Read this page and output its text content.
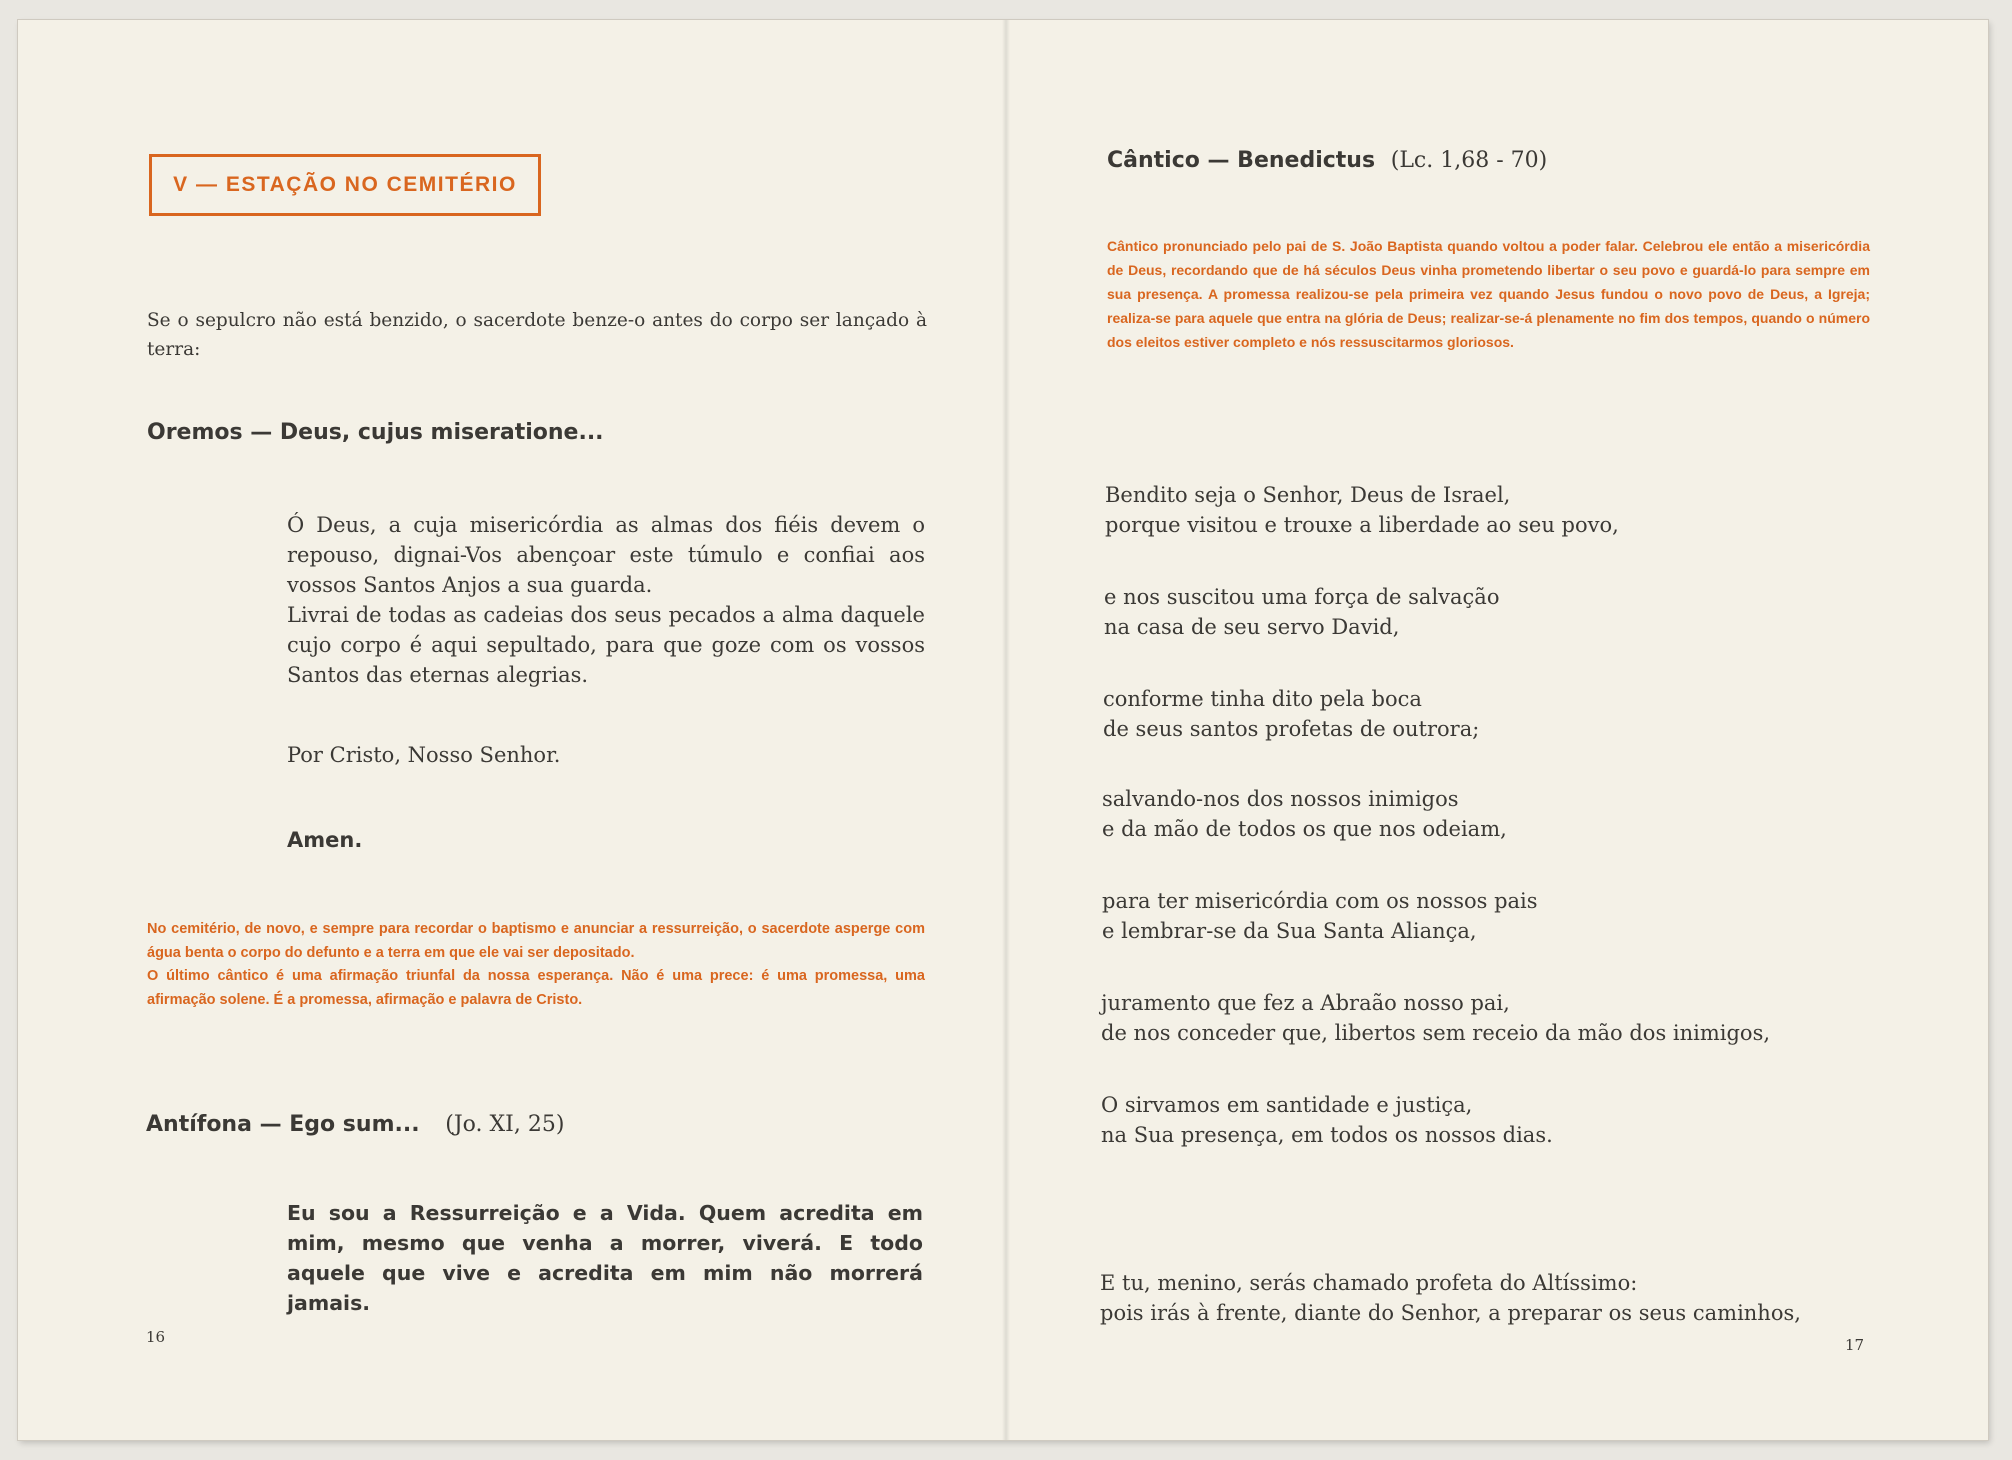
V — ESTAÇÃO NO CEMITÉRIO
Se o sepulcro não está benzido, o sacerdote benze-o antes do corpo ser lançado à terra:
Oremos — Deus, cujus miseratione...

Ó Deus, a cuja misericórdia as almas dos fiéis devem o repouso, dignai-Vos abençoar este túmulo e confiai aos vossos Santos Anjos a sua guarda.

Livrai de todas as cadeias dos seus pecados a alma daquele cujo corpo é aqui sepultado, para que goze com os vossos Santos das eternas alegrias.

Por Cristo, Nosso Senhor.
Amen.

No cemitério, de novo, e sempre para recordar o baptismo e anunciar a ressurreição, o sacerdote asperge com água benta o corpo do defunto e a terra em que ele vai ser depositado.

O último cântico é uma afirmação triunfal da nossa esperança. Não é uma prece: é uma promessa, uma afirmação solene. É a promessa, afirmação e palavra de Cristo.

Antífona — Ego sum... (Jo. XI, 25)
Eu sou a Ressurreição e a Vida. Quem acredita em mim, mesmo que venha a morrer, viverá. E todo aquele que vive e acredita em mim não morrerá jamais.
16
Cântico — Benedictus (Lc. 1,68 - 70)
Cântico pronunciado pelo pai de S. João Baptista quando voltou a poder falar. Celebrou ele então a misericórdia de Deus, recordando que de há séculos Deus vinha prometendo libertar o seu povo e guardá-lo para sempre em sua presença. A promessa realizou-se pela primeira vez quando Jesus fundou o novo povo de Deus, a Igreja; realiza-se para aquele que entra na glória de Deus; realizar-se-á plenamente no fim dos tempos, quando o número dos eleitos estiver completo e nós ressuscitarmos gloriosos.
Bendito seja o Senhor, Deus de Israel,
porque visitou e trouxe a liberdade ao seu povo,
e nos suscitou uma força de salvação
na casa de seu servo David,
conforme tinha dito pela boca
de seus santos profetas de outrora;
salvando-nos dos nossos inimigos
e da mão de todos os que nos odeiam,
para ter misericórdia com os nossos pais
e lembrar-se da Sua Santa Aliança,
juramento que fez a Abraão nosso pai,
de nos conceder que, libertos sem receio da mão dos inimigos,
O sirvamos em santidade e justiça,
na Sua presença, em todos os nossos dias.
E tu, menino, serás chamado profeta do Altíssimo:
pois irás à frente, diante do Senhor, a preparar os seus caminhos,
17
